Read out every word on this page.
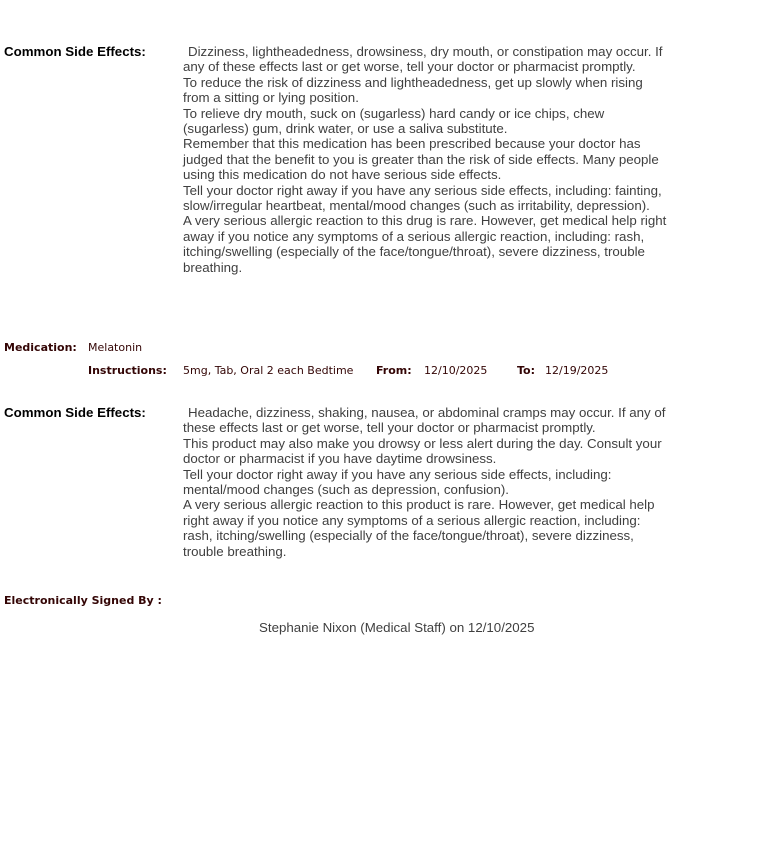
Common Side Effects:	Dizziness, lightheadedness, drowsiness, dry mouth, or constipation may occur. If any of these effects last or get worse, tell your doctor or pharmacist promptly.

To reduce the risk of dizziness and lightheadedness, get up slowly when rising from a sitting or lying position.

To relieve dry mouth, suck on (sugarless) hard candy or ice chips, chew (sugarless) gum, drink water, or use a saliva substitute.

Remember that this medication has been prescribed because your doctor has judged that the benefit to you is greater than the risk of side effects. Many people using this medication do not have serious side effects.

Tell your doctor right away if you have any serious side effects, including: fainting, slow/irregular heartbeat, mental/mood changes (such as irritability, depression).

A very serious allergic reaction to this drug is rare. However, get medical help right away if you notice any symptoms of a serious allergic reaction, including: rash, itching/swelling (especially of the face/tongue/throat), severe dizziness, trouble breathing.

Medication: Melatonin
Instructions: 5mg, Tab, Oral 2 each Bedtime From: 12/10/2025	To: 12/19/2025
Common Side Effects:	Headache, dizziness, shaking, nausea, or abdominal cramps may occur. If any of these effects last or get worse, tell your doctor or pharmacist promptly.

This product may also make you drowsy or less alert during the day. Consult your doctor or pharmacist if you have daytime drowsiness.

Tell your doctor right away if you have any serious side effects, including: mental/mood changes (such as depression, confusion).

A very serious allergic reaction to this product is rare. However, get medical help right away if you notice any symptoms of a serious allergic reaction, including: rash, itching/swelling (especially of the face/tongue/throat), severe dizziness, trouble breathing.

Electronically Signed By :
Stephanie Nixon (Medical Staff) on 12/10/2025
